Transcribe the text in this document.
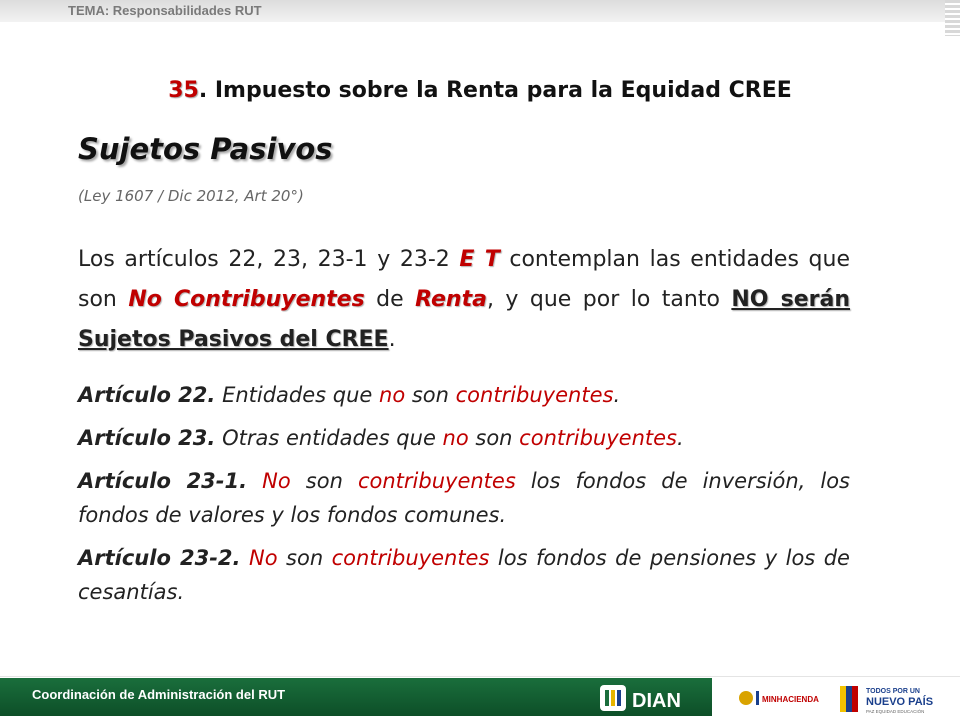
TEMA: Responsabilidades RUT
35. Impuesto sobre la Renta para la Equidad CREE
Sujetos Pasivos
(Ley 1607 / Dic 2012, Art 20°)
Los artículos 22, 23, 23-1 y 23-2 E T contemplan las entidades que son No Contribuyentes de Renta, y que por lo tanto NO serán Sujetos Pasivos del CREE.
Artículo 22. Entidades que no son contribuyentes.
Artículo 23. Otras entidades que no son contribuyentes.
Artículo 23-1. No son contribuyentes los fondos de inversión, los fondos de valores y los fondos comunes.
Artículo 23-2. No son contribuyentes los fondos de pensiones y los de cesantías.
Coordinación de Administración del RUT	DIAN	MINHACIENDA
TODOS POR UN
NUEVO PAÍS
PAZ EQUIDAD EDUCACIÓN
